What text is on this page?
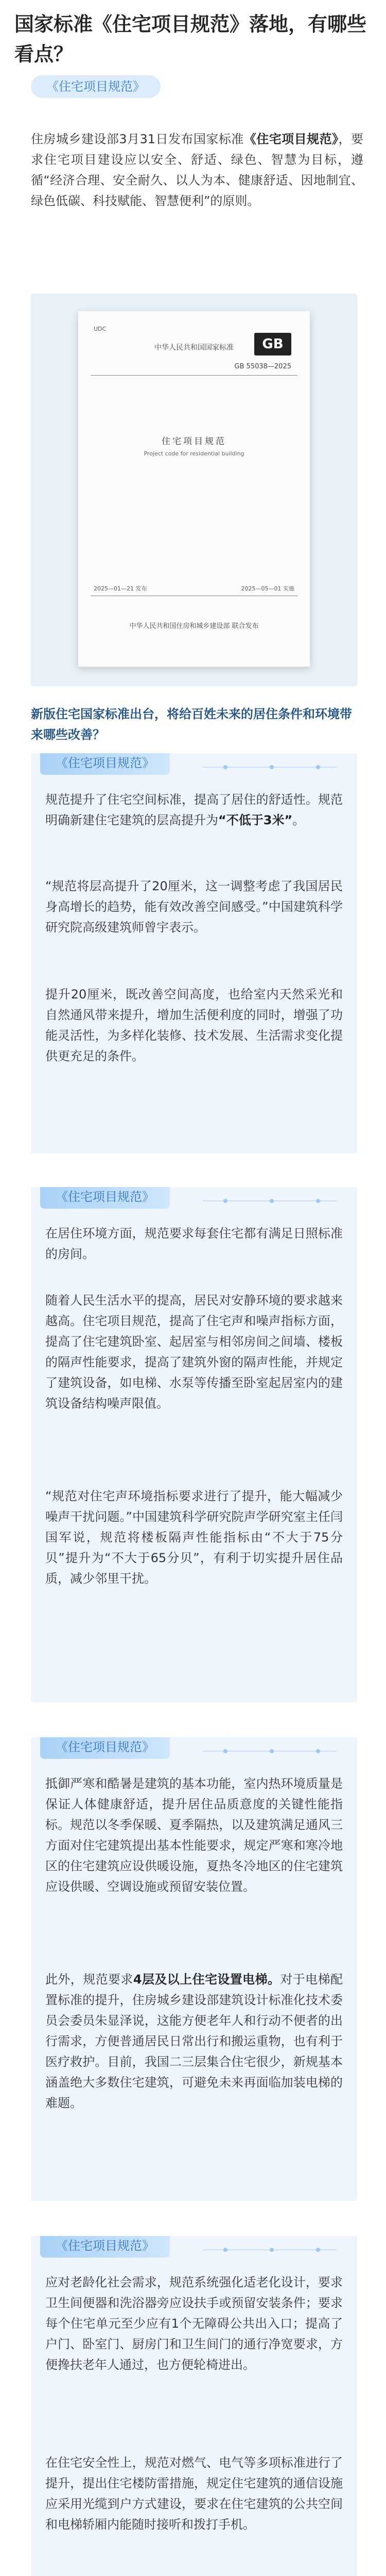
国家标准《住宅项目规范》落地，有哪些看点？
《住宅项目规范》

住房城乡建设部3月31日发布国家标准《住宅项目规范》，要求住宅项目建设应以安全、舒适、绿色、智慧为目标，遵循“经济合理、安全耐久、以人为本、健康舒适、因地制宜、绿色低碳、科技赋能、智慧便利”的原则。

UDC
中华人民共和国国家标准	GB
GB 55038—2025
住宅项目规范
Project code for residential building
2025—01—21 发布	2025—05—01 实施
中华人民共和国住房和城乡建设部 联合发布

新版住宅国家标准出台，将给百姓未来的居住条件和环境带来哪些改善？

《住宅项目规范》

规范提升了住宅空间标准，提高了居住的舒适性。规范明确新建住宅建筑的层高提升为“不低于3米”。

“规范将层高提升了20厘米，这一调整考虑了我国居民身高增长的趋势，能有效改善空间感受。”中国建筑科学研究院高级建筑师曾宇表示。

提升20厘米，既改善空间高度，也给室内天然采光和自然通风带来提升，增加生活便利度的同时，增强了功能灵活性，为多样化装修、技术发展、生活需求变化提供更充足的条件。

《住宅项目规范》

在居住环境方面，规范要求每套住宅都有满足日照标准的房间。

随着人民生活水平的提高，居民对安静环境的要求越来越高。住宅项目规范，提高了住宅声和噪声指标方面，提高了住宅建筑卧室、起居室与相邻房间之间墙、楼板的隔声性能要求，提高了建筑外窗的隔声性能，并规定了建筑设备，如电梯、水泵等传播至卧室起居室内的建筑设备结构噪声限值。

“规范对住宅声环境指标要求进行了提升，能大幅减少噪声干扰问题。”中国建筑科学研究院声学研究室主任闫国军说，规范将楼板隔声性能指标由“不大于75分贝”提升为“不大于65分贝”，有利于切实提升居住品质，减少邻里干扰。

《住宅项目规范》

抵御严寒和酷暑是建筑的基本功能，室内热环境质量是保证人体健康舒适，提升居住品质意度的关键性能指标。规范以冬季保暖、夏季隔热，以及建筑满足通风三方面对住宅建筑提出基本性能要求，规定严寒和寒冷地区的住宅建筑应设供暖设施，夏热冬冷地区的住宅建筑应设供暖、空调设施或预留安装位置。

此外，规范要求4层及以上住宅设置电梯。对于电梯配置标准的提升，住房城乡建设部建筑设计标准化技术委员会委员朱显泽说，这能方便老年人和行动不便者的出行需求，方便普通居民日常出行和搬运重物，也有利于医疗救护。目前，我国二三层集合住宅很少，新规基本涵盖绝大多数住宅建筑，可避免未来再面临加装电梯的难题。

《住宅项目规范》

应对老龄化社会需求，规范系统强化适老化设计，要求卫生间便器和洗浴器旁应设扶手或预留安装条件；要求每个住宅单元至少应有1个无障碍公共出入口；提高了户门、卧室门、厨房门和卫生间门的通行净宽要求，方便搀扶老年人通过，也方便轮椅进出。

在住宅安全性上，规范对燃气、电气等多项标准进行了提升，提出住宅楼防雷措施，规定住宅建筑的通信设施应采用光缆到户方式建设，要求在住宅建筑的公共空间和电梯轿厢内能随时接听和拨打手机。
